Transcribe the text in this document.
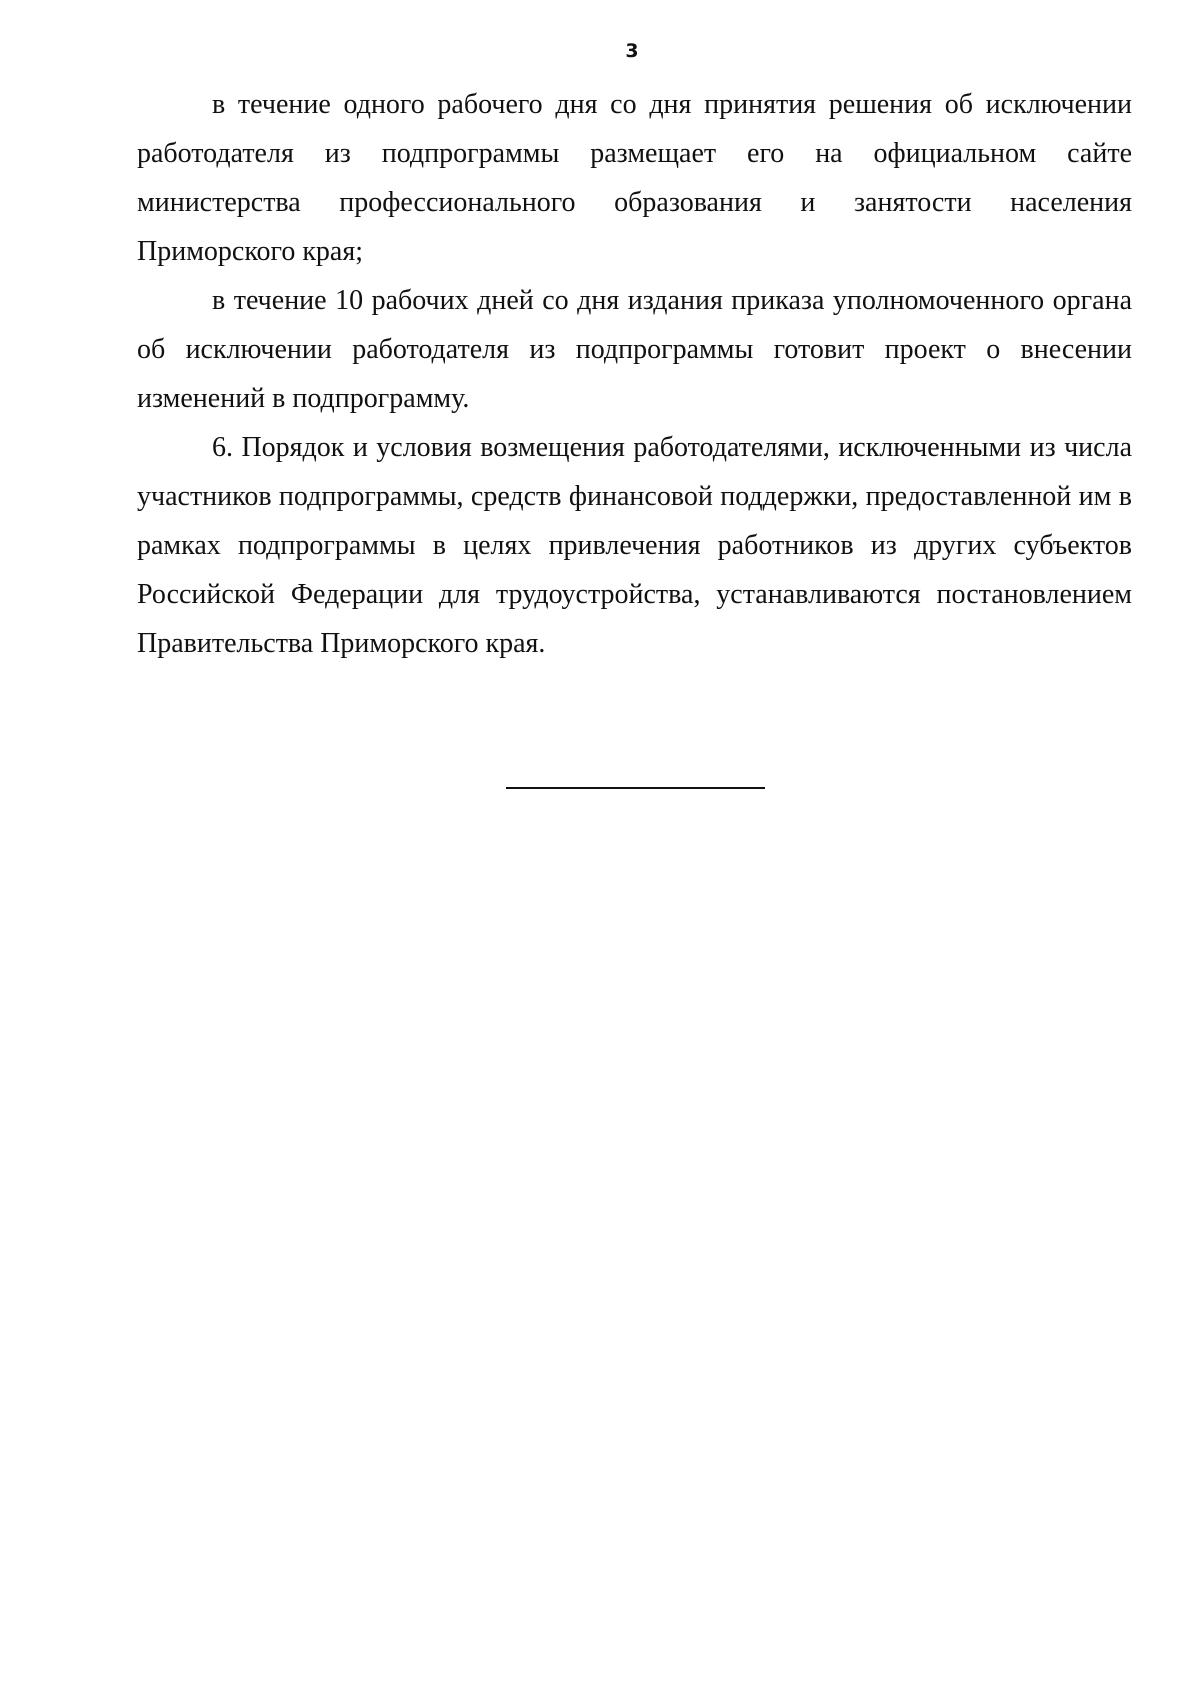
3

в течение одного рабочего дня со дня принятия решения об исключении работодателя из подпрограммы размещает его на официальном сайте министерства профессионального образования и занятости населения Приморского края;

в течение 10 рабочих дней со дня издания приказа уполномоченного органа об исключении работодателя из подпрограммы готовит проект о внесении изменений в подпрограмму.

6. Порядок и условия возмещения работодателями, исключенными из числа участников подпрограммы, средств финансовой поддержки, предоставленной им в рамках подпрограммы в целях привлечения работников из других субъектов Российской Федерации для трудоустройства, устанавливаются постановлением Правительства Приморского края.
